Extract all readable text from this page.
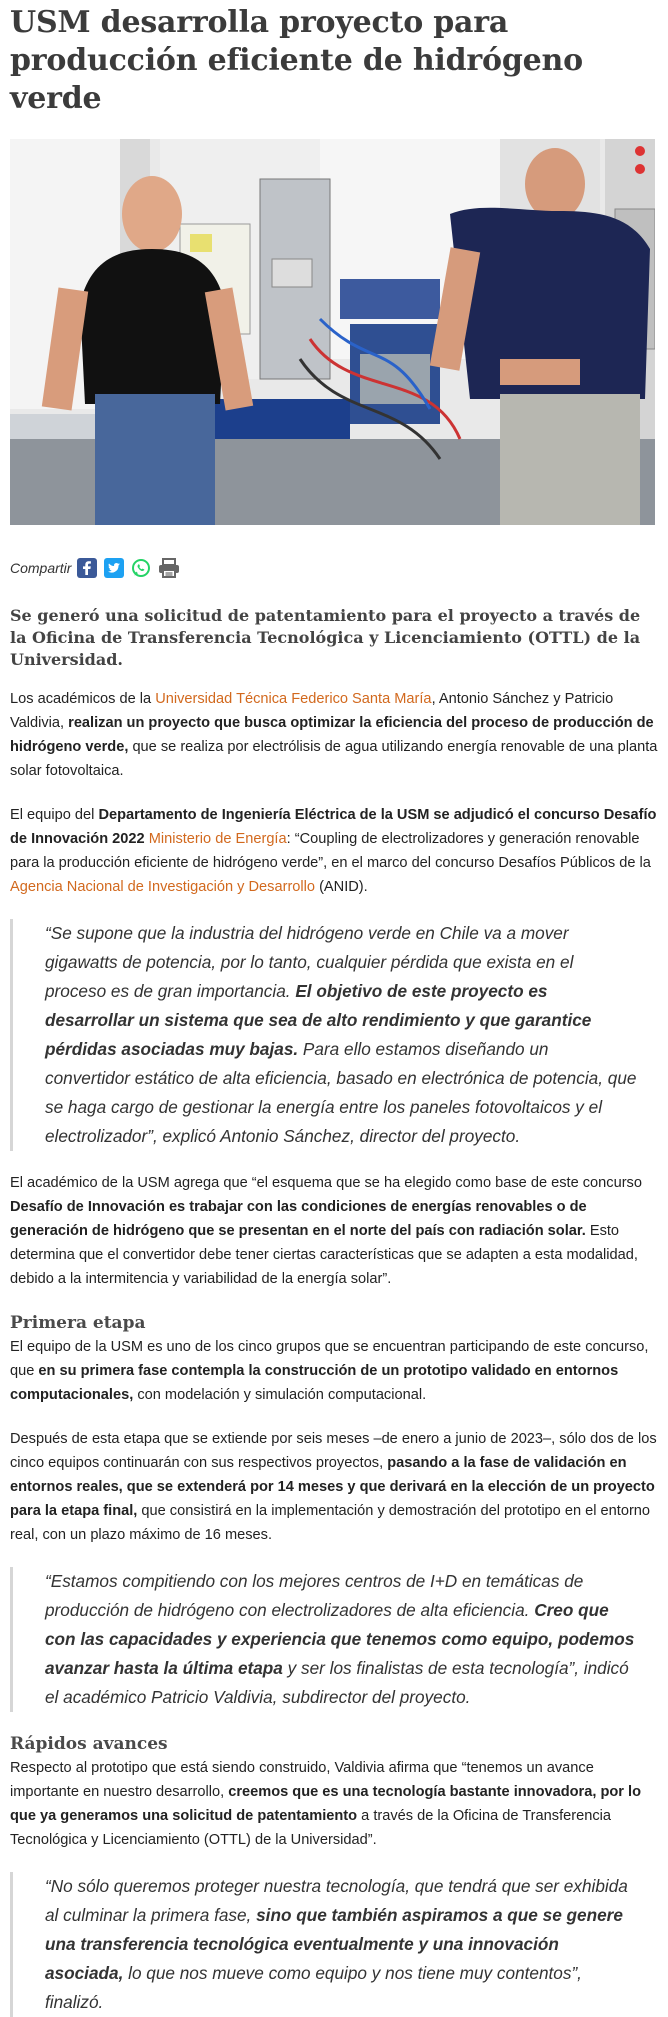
USM desarrolla proyecto para producción eficiente de hidrógeno verde
Compartir

Se generó una solicitud de patentamiento para el proyecto a través de la Oficina de Transferencia Tecnológica y Licenciamiento (OTTL) de la Universidad.

Los académicos de la Universidad Técnica Federico Santa María, Antonio Sánchez y Patricio Valdivia, realizan un proyecto que busca optimizar la eficiencia del proceso de producción de hidrógeno verde, que se realiza por electrólisis de agua utilizando energía renovable de una planta solar fotovoltaica.

El equipo del Departamento de Ingeniería Eléctrica de la USM se adjudicó el concurso Desafío de Innovación 2022 Ministerio de Energía: “Coupling de electrolizadores y generación renovable para la producción eficiente de hidrógeno verde”, en el marco del concurso Desafíos Públicos de la Agencia Nacional de Investigación y Desarrollo (ANID).

“Se supone que la industria del hidrógeno verde en Chile va a mover gigawatts de potencia, por lo tanto, cualquier pérdida que exista en el proceso es de gran importancia. El objetivo de este proyecto es desarrollar un sistema que sea de alto rendimiento y que garantice pérdidas asociadas muy bajas. Para ello estamos diseñando un convertidor estático de alta eficiencia, basado en electrónica de potencia, que se haga cargo de gestionar la energía entre los paneles fotovoltaicos y el electrolizador”, explicó Antonio Sánchez, director del proyecto.

El académico de la USM agrega que “el esquema que se ha elegido como base de este concurso Desafío de Innovación es trabajar con las condiciones de energías renovables o de generación de hidrógeno que se presentan en el norte del país con radiación solar. Esto determina que el convertidor debe tener ciertas características que se adapten a esta modalidad, debido a la intermitencia y variabilidad de la energía solar”.

Primera etapa

El equipo de la USM es uno de los cinco grupos que se encuentran participando de este concurso, que en su primera fase contempla la construcción de un prototipo validado en entornos computacionales, con modelación y simulación computacional.

Después de esta etapa que se extiende por seis meses –de enero a junio de 2023–, sólo dos de los cinco equipos continuarán con sus respectivos proyectos, pasando a la fase de validación en entornos reales, que se extenderá por 14 meses y que derivará en la elección de un proyecto para la etapa final, que consistirá en la implementación y demostración del prototipo en el entorno real, con un plazo máximo de 16 meses.

“Estamos compitiendo con los mejores centros de I+D en temáticas de producción de hidrógeno con electrolizadores de alta eficiencia. Creo que con las capacidades y experiencia que tenemos como equipo, podemos avanzar hasta la última etapa y ser los finalistas de esta tecnología”, indicó el académico Patricio Valdivia, subdirector del proyecto.
Rápidos avances

Respecto al prototipo que está siendo construido, Valdivia afirma que “tenemos un avance importante en nuestro desarrollo, creemos que es una tecnología bastante innovadora, por lo que ya generamos una solicitud de patentamiento a través de la Oficina de Transferencia Tecnológica y Licenciamiento (OTTL) de la Universidad”.

“No sólo queremos proteger nuestra tecnología, que tendrá que ser exhibida al culminar la primera fase, sino que también aspiramos a que se genere una transferencia tecnológica eventualmente y una innovación asociada, lo que nos mueve como equipo y nos tiene muy contentos”, finalizó.
